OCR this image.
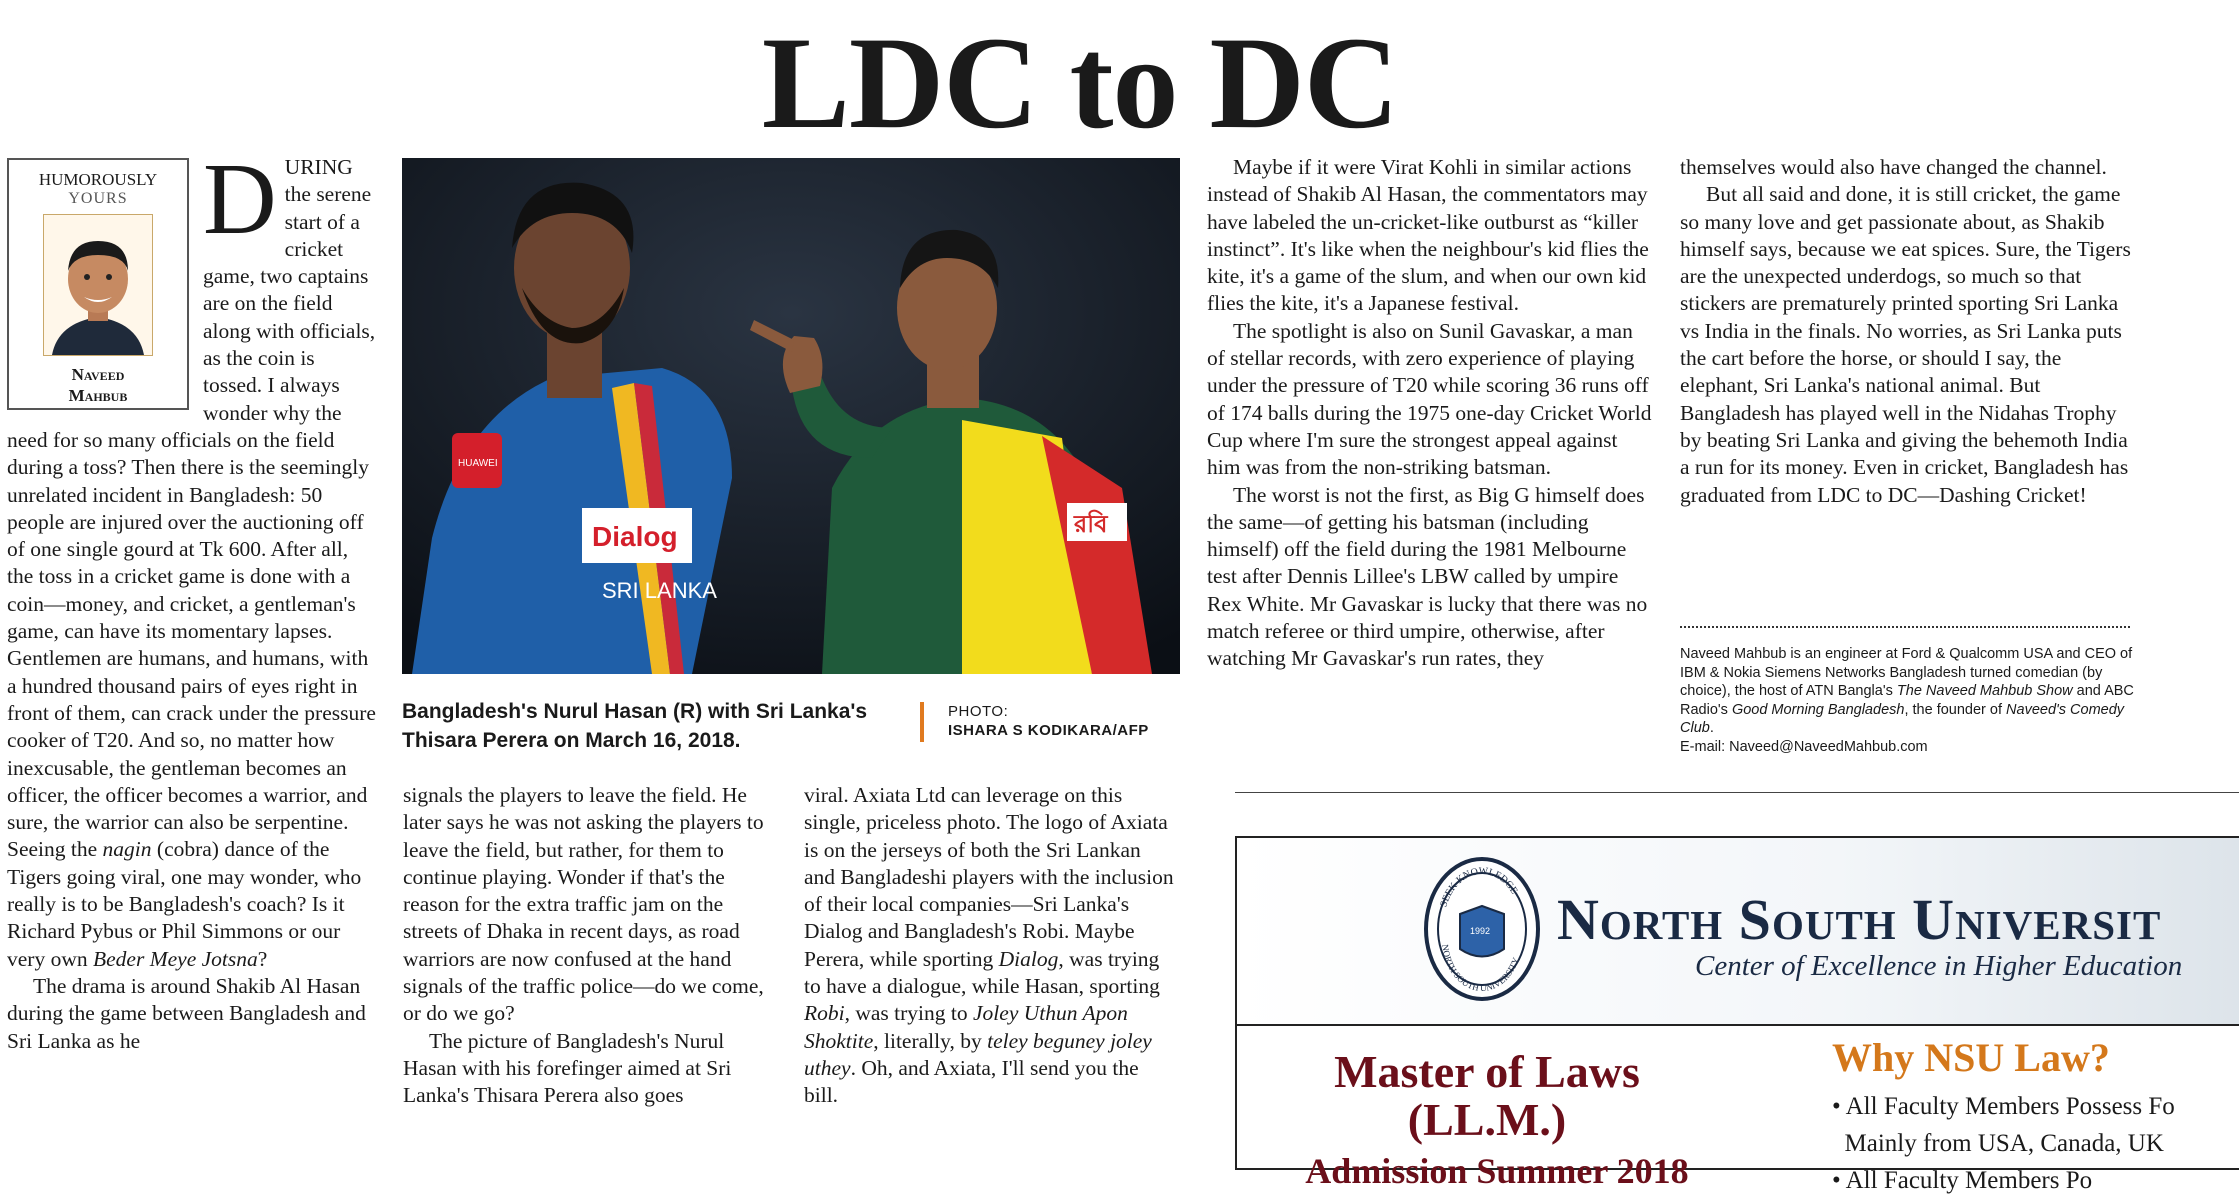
LDC to DC
HUMOROUSLY
YOURS
Naveed
Mahbub

DURING the serene start of a cricket game, two captains are on the field along with officials, as the coin is tossed. I always wonder why the need for so many officials on the field during a toss? Then there is the seemingly unrelated incident in Bangladesh: 50 people are injured over the auctioning off of one single gourd at Tk 600. After all, the toss in a cricket game is done with a coin—money, and cricket, a gentleman's game, can have its momentary lapses. Gentlemen are humans, and humans, with a hundred thousand pairs of eyes right in front of them, can crack under the pressure cooker of T20. And so, no matter how inexcusable, the gentleman becomes an officer, the officer becomes a warrior, and sure, the warrior can also be serpentine. Seeing the nagin (cobra) dance of the Tigers going viral, one may wonder, who really is to be Bangladesh's coach? Is it Richard Pybus or Phil Simmons or our very own Beder Meye Jotsna?

The drama is around Shakib Al Hasan during the game between Bangladesh and Sri Lanka as he

Dialog
SRI LANKA
HUAWEI
রবি
Bangladesh's Nurul Hasan (R) with Sri Lanka's Thisara Perera on March 16, 2018.
PHOTO:
ISHARA S KODIKARA/AFP

signals the players to leave the field. He later says he was not asking the players to leave the field, but rather, for them to continue playing. Wonder if that's the reason for the extra traffic jam on the streets of Dhaka in recent days, as road warriors are now confused at the hand signals of the traffic police—do we come, or do we go?

The picture of Bangladesh's Nurul Hasan with his forefinger aimed at Sri Lanka's Thisara Perera also goes

viral. Axiata Ltd can leverage on this single, priceless photo. The logo of Axiata is on the jerseys of both the Sri Lankan and Bangladeshi players with the inclusion of their local companies—Sri Lanka's Dialog and Bangladesh's Robi. Maybe Perera, while sporting Dialog, was trying to have a dialogue, while Hasan, sporting Robi, was trying to Joley Uthun Apon Shoktite, literally, by teley beguney joley uthey. Oh, and Axiata, I'll send you the bill.

Maybe if it were Virat Kohli in similar actions instead of Shakib Al Hasan, the commentators may have labeled the un-cricket-like outburst as “killer instinct”. It's like when the neighbour's kid flies the kite, it's a game of the slum, and when our own kid flies the kite, it's a Japanese festival.

The spotlight is also on Sunil Gavaskar, a man of stellar records, with zero experience of playing under the pressure of T20 while scoring 36 runs off of 174 balls during the 1975 one-day Cricket World Cup where I'm sure the strongest appeal against him was from the non-striking batsman.

The worst is not the first, as Big G himself does the same—of getting his batsman (including himself) off the field during the 1981 Melbourne test after Dennis Lillee's LBW called by umpire Rex White. Mr Gavaskar is lucky that there was no match referee or third umpire, otherwise, after watching Mr Gavaskar's run rates, they

themselves would also have changed the channel.

But all said and done, it is still cricket, the game so many love and get passionate about, as Shakib himself says, because we eat spices. Sure, the Tigers are the unexpected underdogs, so much so that stickers are prematurely printed sporting Sri Lanka vs India in the finals. No worries, as Sri Lanka puts the cart before the horse, or should I say, the elephant, Sri Lanka's national animal. But Bangladesh has played well in the Nidahas Trophy by beating Sri Lanka and giving the behemoth India a run for its money. Even in cricket, Bangladesh has graduated from LDC to DC—Dashing Cricket!

Naveed Mahbub is an engineer at Ford & Qualcomm USA and CEO of IBM & Nokia Siemens Networks Bangladesh turned comedian (by choice), the host of ATN Bangla's The Naveed Mahbub Show and ABC Radio's Good Morning Bangladesh, the founder of Naveed's Comedy Club.
E-mail: Naveed@NaveedMahbub.com
SEEK KNOWLEDGE
NORTH SOUTH UNIVERSITY
1992 North South Universit
Center of Excellence in Higher Education
Master of Laws
(LL.M.)
Admission Summer 2018
Why NSU Law?
• All Faculty Members Possess Fo
Mainly from USA, Canada, UK
• All Faculty Members Po
